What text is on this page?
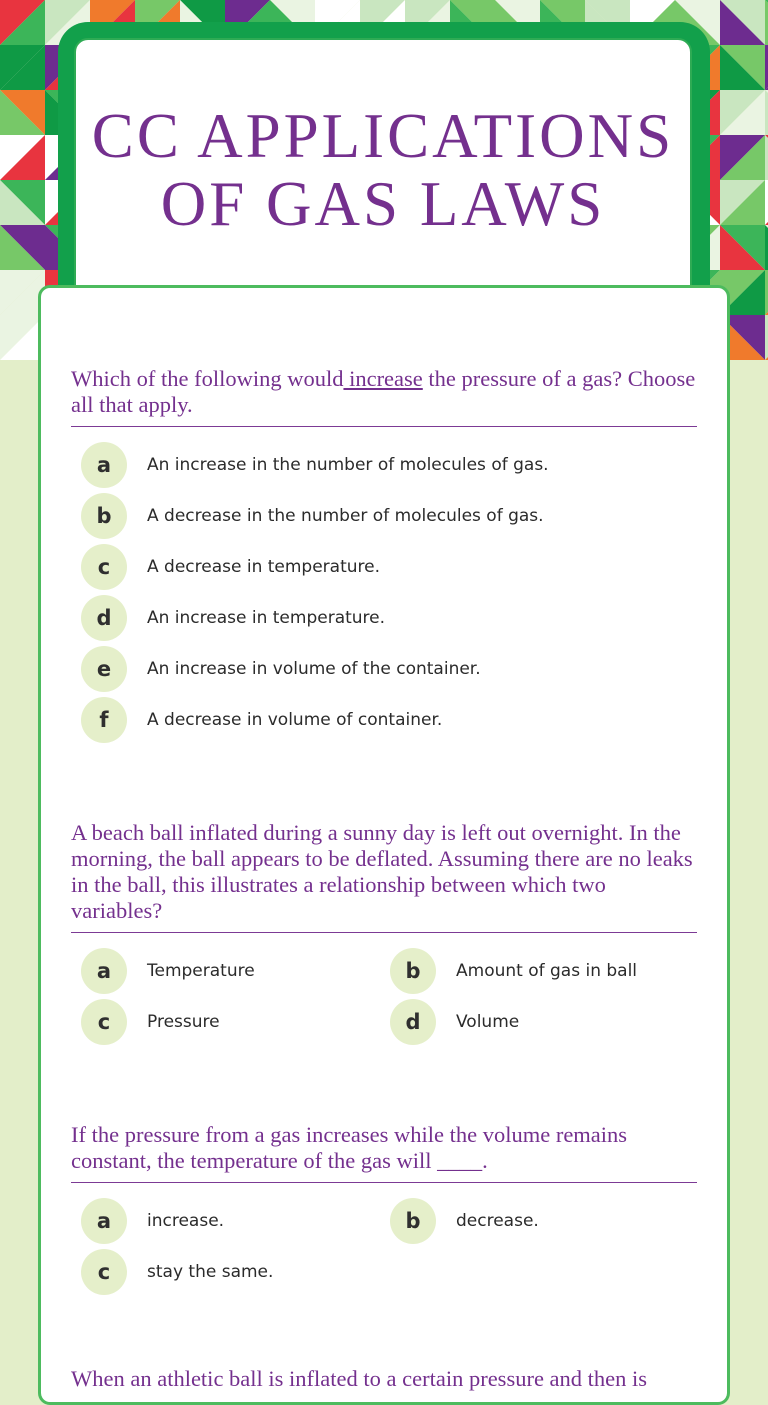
CC APPLICATIONS
OF GAS LAWS

Which of the following would increase the pressure of a gas? Choose all that apply.

a	An increase in the number of molecules of gas.
b	A decrease in the number of molecules of gas.
c	A decrease in temperature.
d	An increase in temperature.
e	An increase in volume of the container.
f	A decrease in volume of container.

A beach ball inflated during a sunny day is left out overnight. In the morning, the ball appears to be deflated. Assuming there are no leaks in the ball, this illustrates a relationship between which two variables?

a	Temperature	b	Amount of gas in ball
c	Pressure	d	Volume

If the pressure from a gas increases while the volume remains constant, the temperature of the gas will ____.

a	increase.	b	decrease.
c	stay the same.

When an athletic ball is inflated to a certain pressure and then is
